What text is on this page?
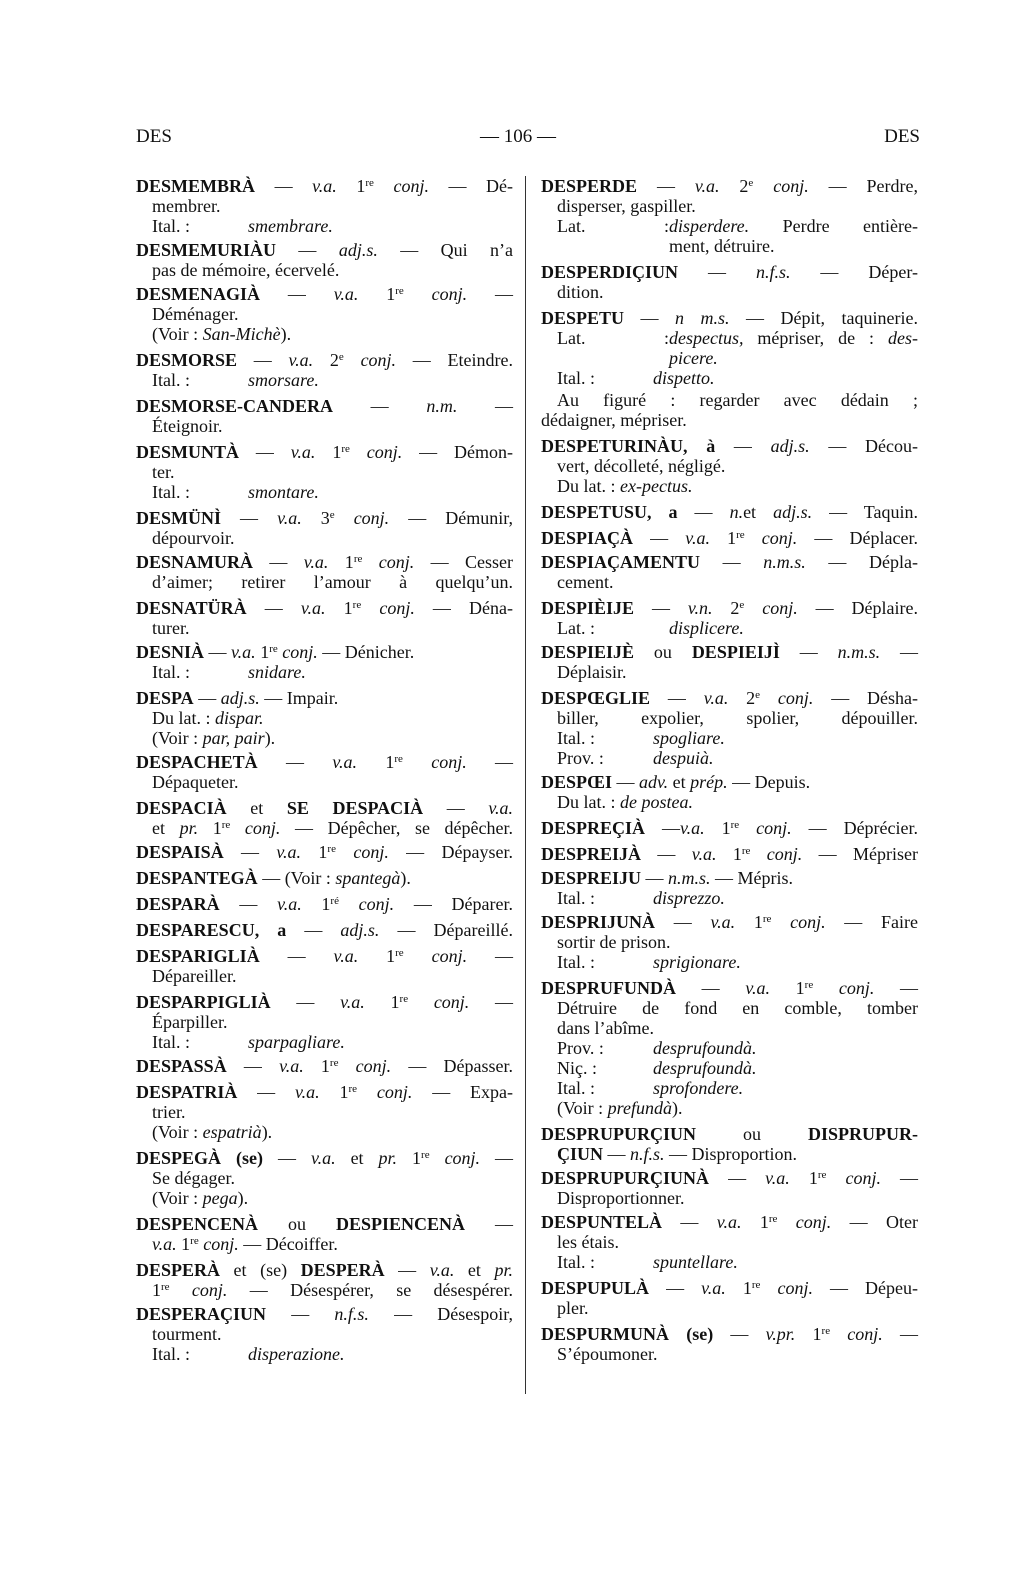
DES	— 106 —	DES
DESMEMBRÀ — v.a. 1re conj. — Dé-
membrer.
Ital. :	smembrare.
DESMEMURIÀU — adj.s. — Qui n’a
pas de mémoire, écervelé.
DESMENAGIÀ — v.a. 1re conj. —
Déménager.
(Voir : San-Michè).
DESMORSE — v.a. 2e conj. — Eteindre.
Ital. :	smorsare.
DESMORSE-CANDERA — n.m. —
Éteignoir.
DESMUNTÀ — v.a. 1re conj. — Démon-
ter.
Ital. :	smontare.
DESMÜNÌ — v.a. 3e conj. — Démunir,
dépourvoir.
DESNAMURÀ — v.a. 1re conj. — Cesser
d’aimer; retirer l’amour à quelqu’un.
DESNATÜRÀ — v.a. 1re conj. — Déna-
turer.
DESNIÀ — v.a. 1re conj. — Dénicher.
Ital. :	snidare.
DESPA — adj.s. — Impair.
Du lat. : dispar.
(Voir : par, pair).
DESPACHETÀ — v.a. 1re conj. —
Dépaqueter.
DESPACIÀ et SE DESPACIÀ — v.a.
et pr. 1re conj. — Dépêcher, se dépêcher.
DESPAISÀ — v.a. 1re conj. — Dépayser.
DESPANTEGÀ — (Voir : spantegà).
DESPARÀ — v.a. $1^{ré}$ conj. — Déparer.
DESPARESCU, a — adj.s. — Dépareillé.
DESPARIGLIÀ — v.a. 1re conj. —
Dépareiller.
DESPARPIGLIÀ — v.a. 1re conj. —
Éparpiller.
Ital. :	sparpagliare.
DESPASSÀ — v.a. 1re conj. — Dépasser.
DESPATRIÀ — v.a. 1re conj. — Expa-
trier.
(Voir : espatrià).
DESPEGÀ (se) — v.a. et pr. 1re conj. —
Se dégager.
(Voir : pega).
DESPENCENÀ ou DESPIENCENÀ —
v.a. 1re conj. — Décoiffer.
DESPERÀ et (se) DESPERÀ — v.a. et pr.
1re conj. — Désespérer, se désespérer.
DESPERAÇIUN — n.f.s. — Désespoir,
tourment.
Ital. :	disperazione.
DESPERDE — v.a. 2e conj. — Perdre,
disperser, gaspiller.
Lat. :disperdere. Perdre entière-
ment, détruire.
DESPERDIÇIUN — n.f.s. — Déper-
dition.
DESPETU — n m.s. — Dépit, taquinerie.
Lat. :despectus, mépriser, de : des-
picere.
Ital. :	dispetto.
Au figuré : regarder avec dédain ;
dédaigner, mépriser.
DESPETURINÀU, à — adj.s. — Décou-
vert, décolleté, négligé.
Du lat. : ex-pectus.
DESPETUSU, a — n.et adj.s. — Taquin.
DESPIAÇÀ — v.a. 1re conj. — Déplacer.
DESPIAÇAMENTU — n.m.s. — Dépla-
cement.
DESPIÈIJE — v.n. 2e conj. — Déplaire.
Lat. :	displicere.
DESPIEIJÈ ou DESPIEIJÌ — n.m.s. —
Déplaisir.
DESPŒGLIE — v.a. 2e conj. — Désha-
biller, expolier, spolier, dépouiller.
Ital. :	spogliare.
Prov. :	despuià.
DESPŒI — adv. et prép. — Depuis.
Du lat. : de postea.
DESPREÇIÀ —v.a. 1re conj. — Déprécier.
DESPREIJÀ — v.a. 1re conj. — Mépriser
DESPREIJU — n.m.s. — Mépris.
Ital. :	disprezzo.
DESPRIJUNÀ — v.a. 1re conj. — Faire
sortir de prison.
Ital. :	sprigionare.
DESPRUFUNDÀ — v.a. 1re conj. —
Détruire de fond en comble, tomber
dans l’abîme.
Prov. :	desprufoundà.
Niç. :	desprufoundà.
Ital. :	sprofondere.
(Voir : prefundà).
DESPRUPURÇIUN ou DISPRUPUR-
ÇIUN — n.f.s. — Disproportion.
DESPRUPURÇIUNÀ — v.a. 1re conj. —
Disproportionner.
DESPUNTELÀ — v.a. 1re conj. — Oter
les étais.
Ital. :	spuntellare.
DESPUPULÀ — v.a. 1re conj. — Dépeu-
pler.
DESPURMUNÀ (se) — v.pr. 1re conj. —
S’époumoner.
